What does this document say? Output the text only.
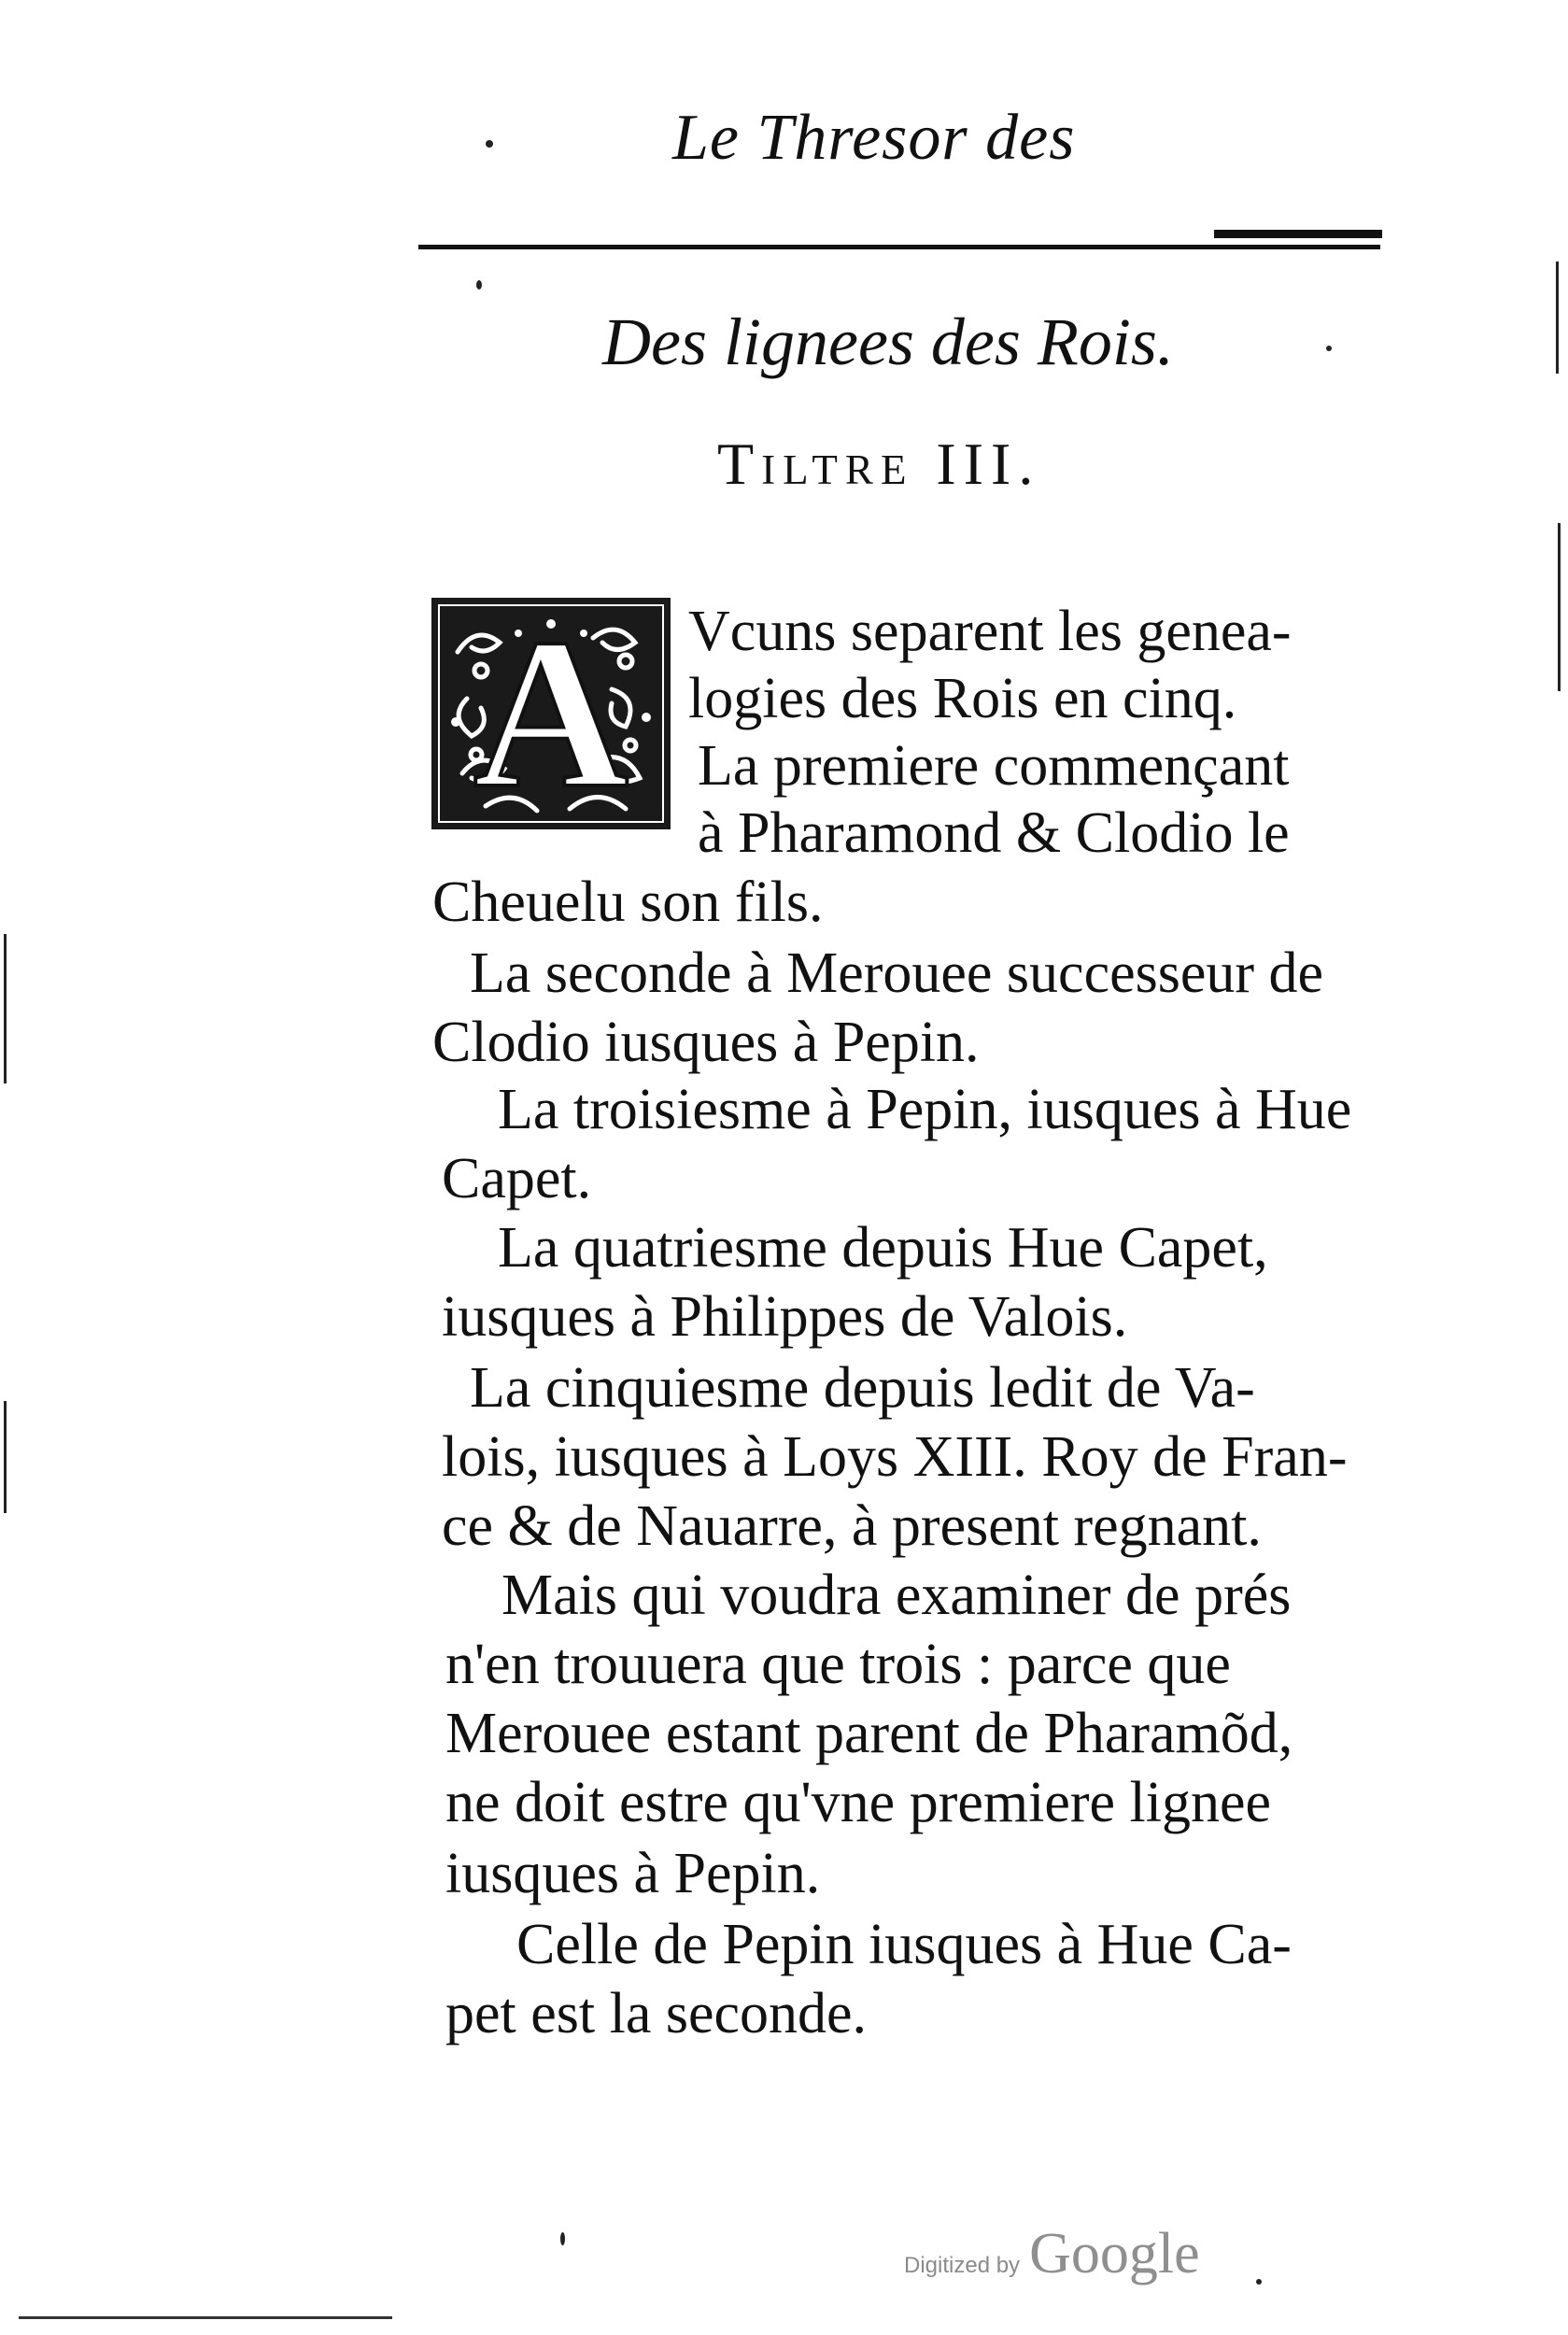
Le Thresor des
Des lignees des Rois.
Tiltre III.
A	Vcuns separent les genea-
logies des Rois en cinq.
La premiere commençant
à Pharamond & Clodio le
Cheuelu son fils.
La seconde à Merouee successeur de
Clodio iusques à Pepin.
La troisiesme à Pepin, iusques à Hue
Capet.
La quatriesme depuis Hue Capet,
iusques à Philippes de Valois.
La cinquiesme depuis ledit de Va-
lois, iusques à Loys XIII. Roy de Fran-
ce & de Nauarre, à present regnant.
Mais qui voudra examiner de prés
n'en trouuera que trois : parce que
Merouee estant parent de Pharamõd,
ne doit estre qu'vne premiere lignee
iusques à Pepin.
Celle de Pepin iusques à Hue Ca-
pet est la seconde.
Digitized by Google
